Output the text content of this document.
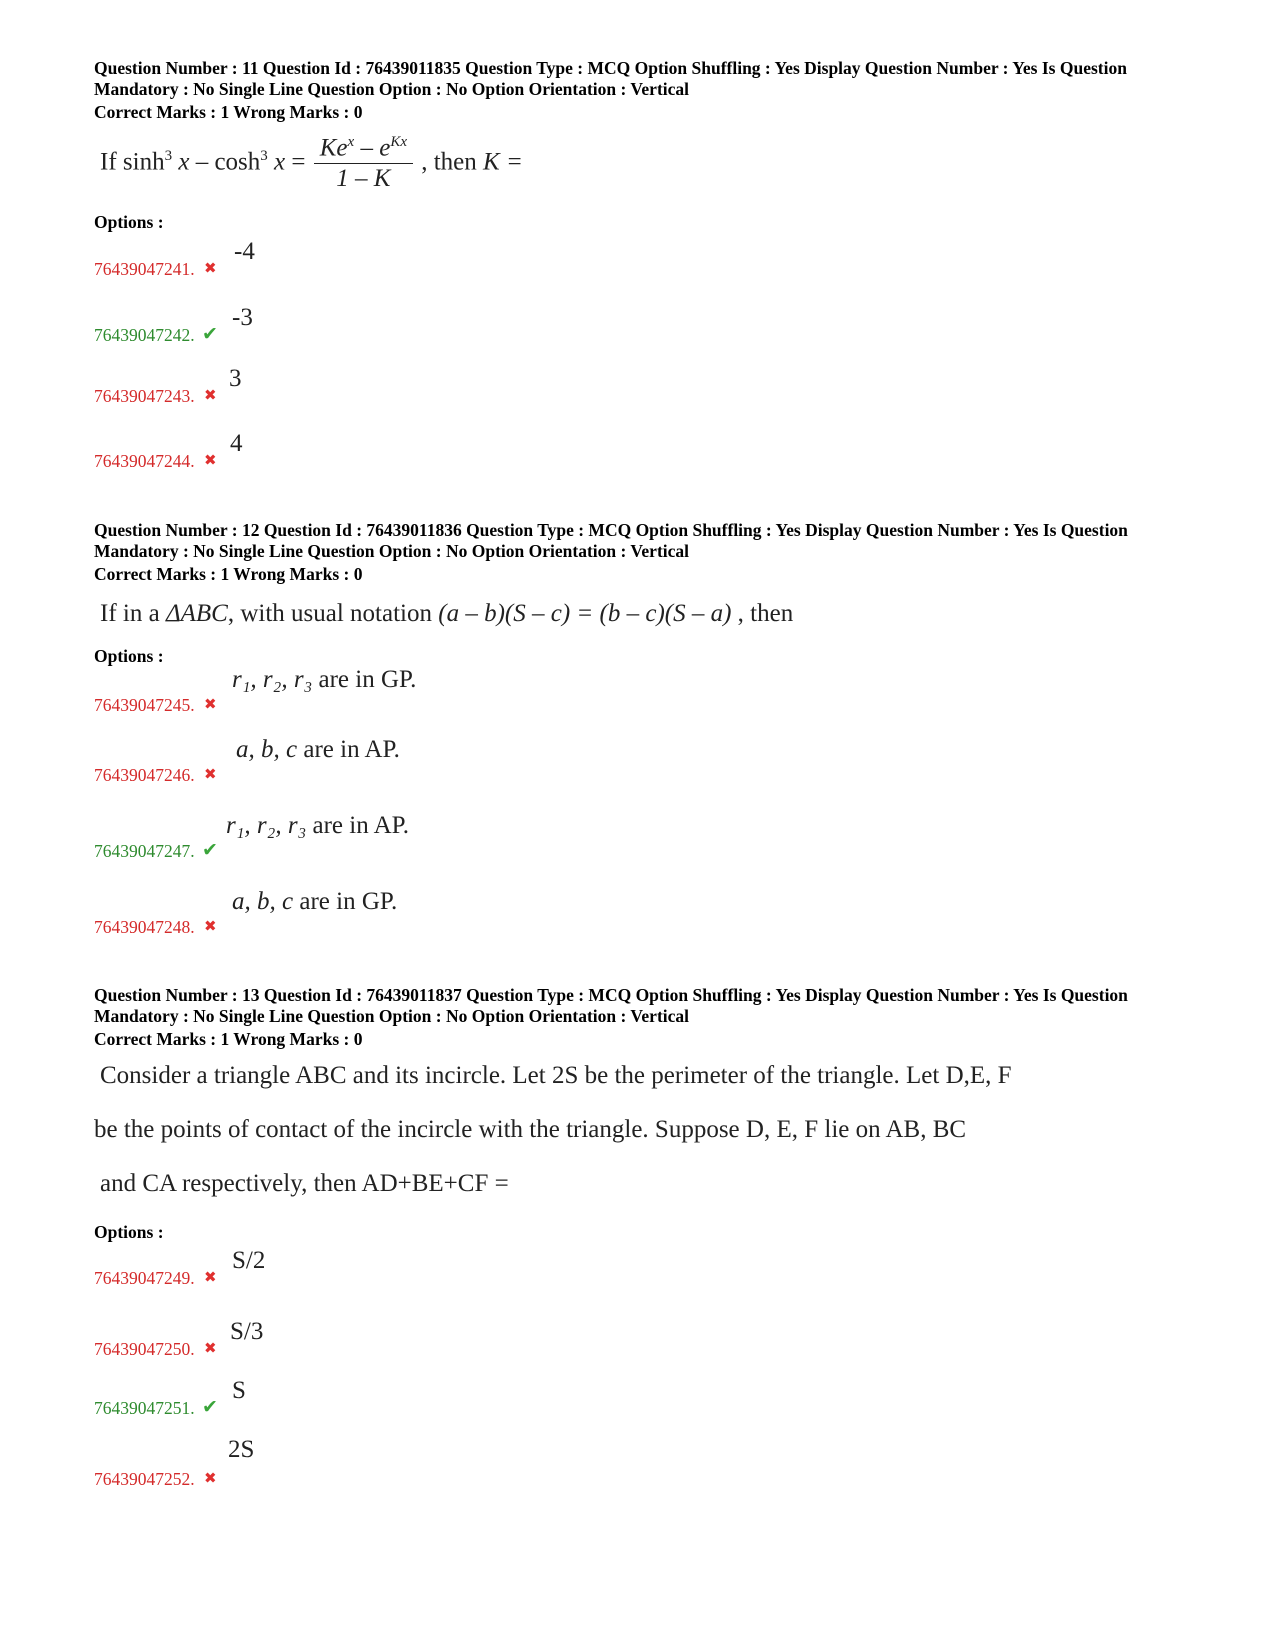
Question Number : 11 Question Id : 76439011835 Question Type : MCQ Option Shuffling : Yes Display Question Number : Yes Is Question
Mandatory : No Single Line Question Option : No Option Orientation : Vertical
Correct Marks : 1 Wrong Marks : 0
If $\sinh^3 x - \cosh^3 x = \frac{Ke^x - e^{Kx}}{1 - K}$ , then K =
Options :
76439047241. ✖
-4
76439047242. ✔
-3
76439047243. ✖
3
76439047244. ✖
4
Question Number : 12 Question Id : 76439011836 Question Type : MCQ Option Shuffling : Yes Display Question Number : Yes Is Question
Mandatory : No Single Line Question Option : No Option Orientation : Vertical
Correct Marks : 1 Wrong Marks : 0
If in a ΔABC, with usual notation (a – b)(S – c) = (b – c)(S – a) , then
Options :
76439047245. ✖
r₁, r₂, r₃ are in GP.
76439047246. ✖
a, b, c are in AP.
76439047247. ✔
r₁, r₂, r₃ are in AP.
76439047248. ✖
a, b, c are in GP.
Question Number : 13 Question Id : 76439011837 Question Type : MCQ Option Shuffling : Yes Display Question Number : Yes Is Question
Mandatory : No Single Line Question Option : No Option Orientation : Vertical
Correct Marks : 1 Wrong Marks : 0
Consider a triangle ABC and its incircle. Let 2S be the perimeter of the triangle. Let D,E, F
be the points of contact of the incircle with the triangle. Suppose D, E, F lie on AB, BC
and CA respectively, then AD+BE+CF =
Options :
76439047249. ✖
S/2
76439047250. ✖
S/3
76439047251. ✔
S
76439047252. ✖
2S
